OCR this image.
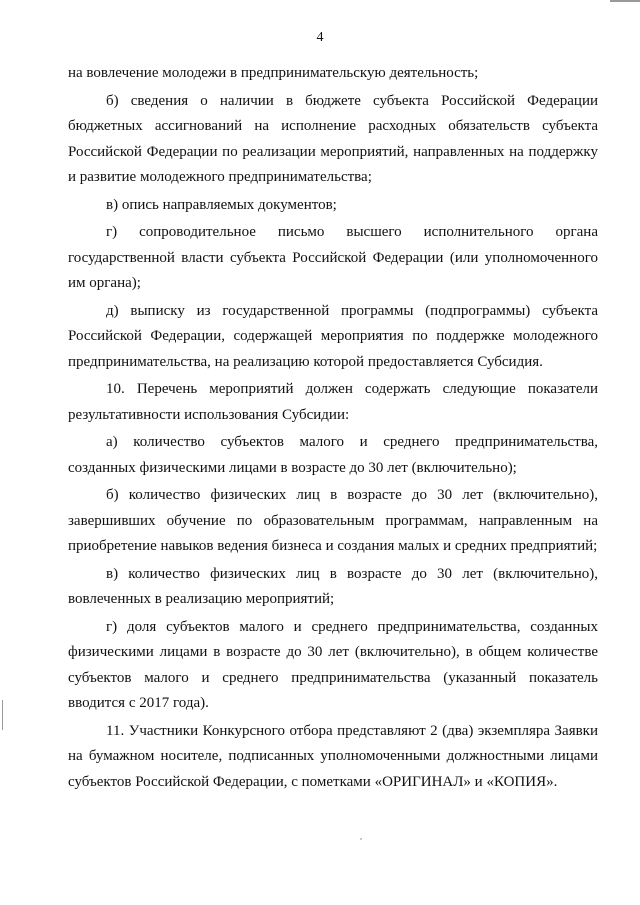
4

на вовлечение молодежи в предпринимательскую деятельность;

б) сведения о наличии в бюджете субъекта Российской Федерации бюджетных ассигнований на исполнение расходных обязательств субъекта Российской Федерации по реализации мероприятий, направленных на поддержку и развитие молодежного предпринимательства;

в) опись направляемых документов;

г) сопроводительное письмо высшего исполнительного органа государственной власти субъекта Российской Федерации (или уполномоченного им органа);

д) выписку из государственной программы (подпрограммы) субъекта Российской Федерации, содержащей мероприятия по поддержке молодежного предпринимательства, на реализацию которой предоставляется Субсидия.

10. Перечень мероприятий должен содержать следующие показатели результативности использования Субсидии:

а) количество субъектов малого и среднего предпринимательства, созданных физическими лицами в возрасте до 30 лет (включительно);

б) количество физических лиц в возрасте до 30 лет (включительно), завершивших обучение по образовательным программам, направленным на приобретение навыков ведения бизнеса и создания малых и средних предприятий;

в) количество физических лиц в возрасте до 30 лет (включительно), вовлеченных в реализацию мероприятий;

г) доля субъектов малого и среднего предпринимательства, созданных физическими лицами в возрасте до 30 лет (включительно), в общем количестве субъектов малого и среднего предпринимательства (указанный показатель вводится с 2017 года).

11. Участники Конкурсного отбора представляют 2 (два) экземпляра Заявки на бумажном носителе, подписанных уполномоченными должностными лицами субъектов Российской Федерации, с пометками «ОРИГИНАЛ» и «КОПИЯ».
